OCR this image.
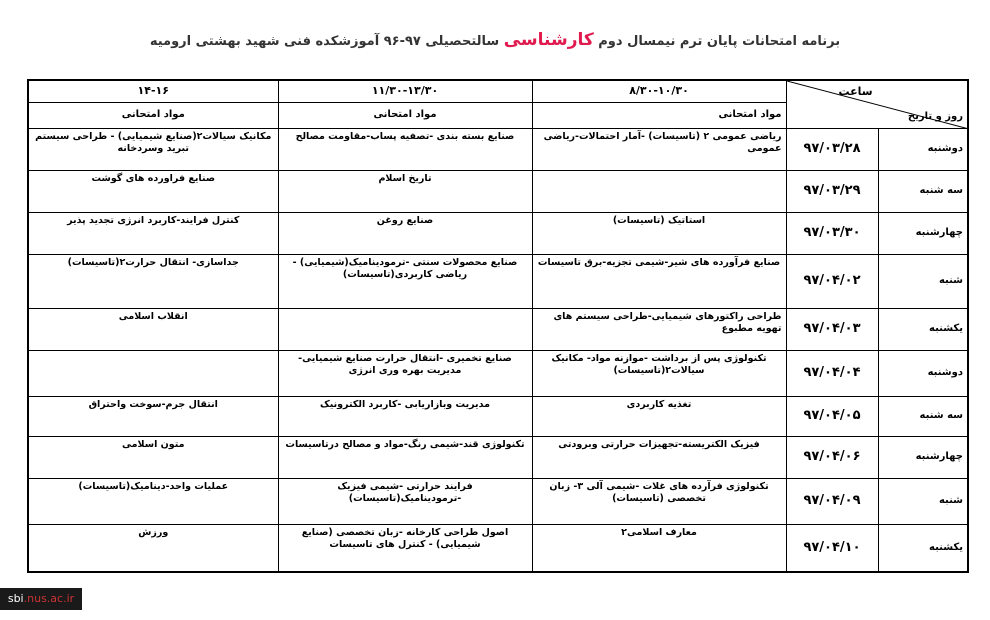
برنامه امتحانات پایان ترم نیمسال دوم کارشناسی سالتحصیلی ۹۷-۹۶ آموزشکده فنی شهید بهشتی ارومیه
ساعت
روز و تاریخ		۸/۳۰-۱۰/۳۰	۱۱/۳۰-۱۳/۳۰	۱۴-۱۶
		مواد امتحانی	مواد امتحانی	مواد امتحانی
دوشنبه	۹۷/۰۳/۲۸	ریاضی عمومی ۲ (تاسیسات) -آمار احتمالات-ریاضی عمومی	صنایع بسته بندی -تصفیه پساب-مقاومت مصالح	مکانیک سیالات۲(صنایع شیمیایی) - طراحی سیستم تبرید وسردخانه
سه شنبه	۹۷/۰۳/۲۹		تاریخ اسلام	صنایع فراورده های گوشت
چهارشنبه	۹۷/۰۳/۳۰	استاتیک (تاسیسات)	صنایع روغن	کنترل فرایند-کاربرد انرژی تجدید پذیر
شنبه	۹۷/۰۴/۰۲	صنایع فرآورده های شیر-شیمی تجزیه-برق تاسیسات	صنایع محصولات سنتی -ترمودینامیک(شیمیایی) - ریاضی کاربردی(تاسیسات)	جداسازی- انتقال حرارت۲(تاسیسات)
یکشنبه	۹۷/۰۴/۰۳	طراحی راکتورهای شیمیایی-طراحی سیستم های تهویه مطبوع		انقلاب اسلامی
دوشنبه	۹۷/۰۴/۰۴	تکنولوژی پس از برداشت -موازنه مواد- مکانیک سیالات۲(تاسیسات)	صنایع تخمیری -انتقال حرارت صنایع شیمیایی- مدیریت بهره وری انرژی	
سه شنبه	۹۷/۰۴/۰۵	تغذیه کاربردی	مدیریت وبازاریابی -کاربرد الکترونیک	انتقال جرم-سوخت واحتراق
چهارشنبه	۹۷/۰۴/۰۶	فیزیک الکتریسته-تجهیزات حرارتی وبرودتی	تکنولوژی قند-شیمی رنگ-مواد و مصالح درتاسیسات	متون اسلامی
شنبه	۹۷/۰۴/۰۹	تکنولوژی فرآرده های غلات -شیمی آلی ۳- زبان تخصصی (تاسیسات)	فرایند حرارتی -شیمی فیزیک -ترمودینامیک(تاسیسات)	عملیات واحد-دینامیک(تاسیسات)
یکشنبه	۹۷/۰۴/۱۰	معارف اسلامی۲	اصول طراحی کارخانه -زبان تخصصی (صنایع شیمیایی) - کنترل های تاسیسات	ورزش
sbi.nus.ac.ir
